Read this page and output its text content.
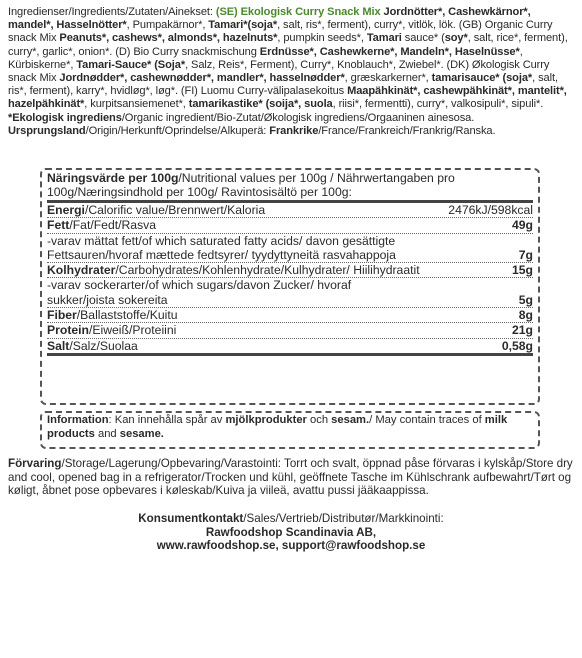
Ingredienser/Ingredients/Zutaten/Ainekset: (SE) Ekologisk Curry Snack Mix Jordnötter*, Cashewkärnor*, mandel*, Hasselnötter*, Pumpakärnor*, Tamari*(soja*, salt, ris*, ferment), curry*, vitlök, lök. (GB) Organic Curry snack Mix Peanuts*, cashews*, almonds*, hazelnuts*, pumpkin seeds*, Tamari sauce* (soy*, salt, rice*, ferment), curry*, garlic*, onion*. (D) Bio Curry snackmischung Erdnüsse*, Cashewkerne*, Mandeln*, Haselnüsse*, Kürbiskerne*, Tamari-Sauce* (Soja*, Salz, Reis*, Ferment), Curry*, Knoblauch*, Zwiebel*. (DK) Økologisk Curry snack Mix Jordnødder*, cashewnødder*, mandler*, hasselnødder*, græskarkerner*, tamarisauce* (soja*, salt, ris*, ferment), karry*, hvidløg*, løg*. (FI) Luomu Curry-välipalasekoitus Maapähkinät*, cashewpähkinät*, mantelit*, hazelpähkinät*, kurpitsansiemenet*, tamarikastike* (soija*, suola, riisi*, fermentti), curry*, valkosipuli*, sipuli*. *Ekologisk ingrediens/Organic ingredient/Bio-Zutat/Økologisk ingrediens/Orgaaninen ainesosa. Ursprungsland/Origin/Herkunft/Oprindelse/Alkuperä: Frankrike/France/Frankreich/Frankrig/Ranska.
Näringsvärde per 100g/Nutritional values per 100g / Nährwertangaben pro 100g/Næringsindhold per 100g/ Ravintosisältö per 100g:
Energi/Calorific value/Brennwert/Kaloria	2476kJ/598kcal
Fett/Fat/Fedt/Rasva	49g
-varav mättat fett/of which saturated fatty acids/ davon gesättigte Fettsauren/hvoraf mættede fedtsyrer/ tyydyttyneitä rasvahappoja	7g
Kolhydrater/Carbohydrates/Kohlenhydrate/Kulhydrater/ Hiilihydraatit	15g
-varav sockerarter/of which sugars/davon Zucker/ hvoraf sukker/joista sokereita	5g
Fiber/Ballaststoffe/Kuitu	8g
Protein/Eiweiß/Proteiini	21g
Salt/Salz/Suolaa	0,58g
Information: Kan innehålla spår av mjölkprodukter och sesam./ May contain traces of milk products and sesame.
Förvaring/Storage/Lagerung/Opbevaring/Varastointi: Torrt och svalt, öppnad påse förvaras i kylskåp/Store dry and cool, opened bag in a refrigerator/Trocken und kühl, geöffnete Tasche im Kühlschrank aufbewahrt/Tørt og køligt, åbnet pose opbevares i køleskab/Kuiva ja viileä, avattu pussi jääkaappissa.
Konsumentkontakt/Sales/Vertrieb/Distributør/Markkinointi:
Rawfoodshop Scandinavia AB,
www.rawfoodshop.se, support@rawfoodshop.se
